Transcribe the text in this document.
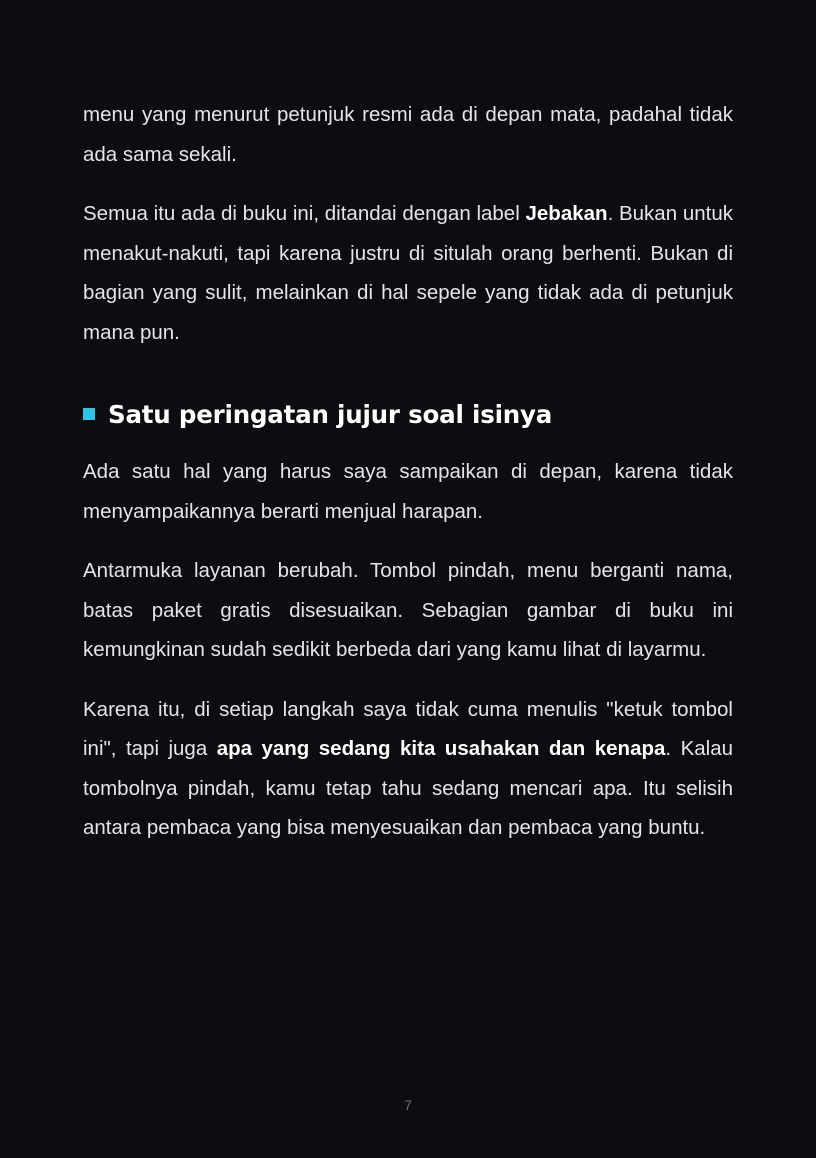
menu yang menurut petunjuk resmi ada di depan mata, padahal tidak ada sama sekali.

Semua itu ada di buku ini, ditandai dengan label Jebakan. Bukan untuk menakut-nakuti, tapi karena justru di situlah orang berhenti. Bukan di bagian yang sulit, melainkan di hal sepele yang tidak ada di petunjuk mana pun.

Satu peringatan jujur soal isinya

Ada satu hal yang harus saya sampaikan di depan, karena tidak menyampaikannya berarti menjual harapan.

Antarmuka layanan berubah. Tombol pindah, menu berganti nama, batas paket gratis disesuaikan. Sebagian gambar di buku ini kemungkinan sudah sedikit berbeda dari yang kamu lihat di layarmu.

Karena itu, di setiap langkah saya tidak cuma menulis "ketuk tombol ini", tapi juga apa yang sedang kita usahakan dan kenapa. Kalau tombolnya pindah, kamu tetap tahu sedang mencari apa. Itu selisih antara pembaca yang bisa menyesuaikan dan pembaca yang buntu.

7
